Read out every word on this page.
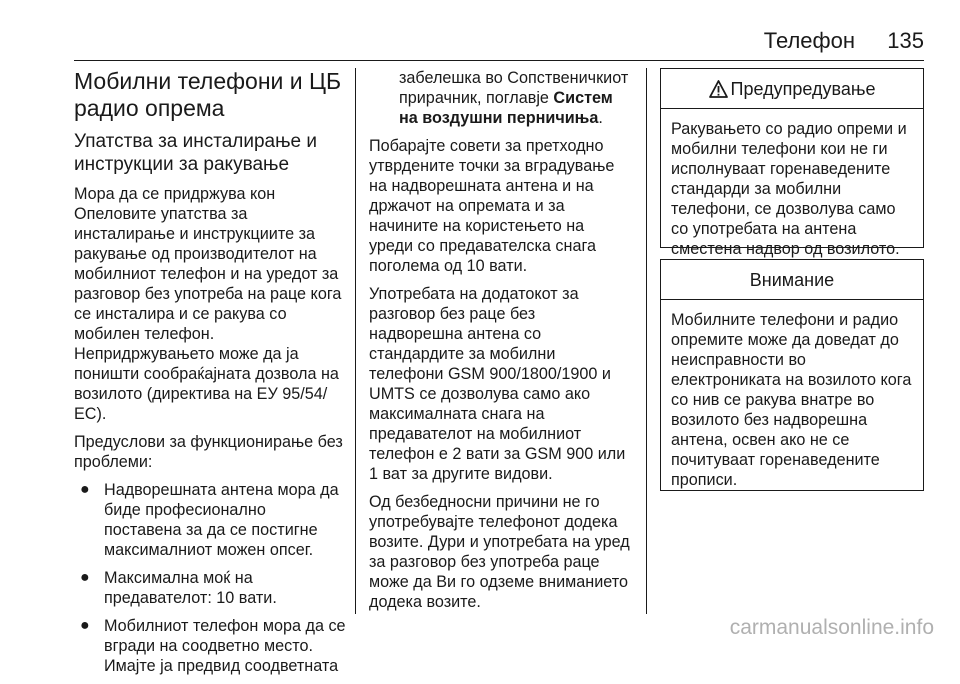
Телефон 135
Мобилни телефони и ЦБ радио опрема
Упатства за инсталирање и инструкции за ракување
Мора да се придржува кон Опеловите упатства за инсталирање и инструкциите за ракување од производителот на мобилниот телефон и на уредот за разговор без употреба на раце кога се инсталира и се ракува со мобилен телефон.
Непридржувањето може да ја поништи сообраќајната дозвола на возилото (директива на ЕУ 95/54/ЕС).
Предуслови за функционирање без проблеми:
● Надворешната антена мора да биде професионално поставена за да се постигне максималниот можен опсег.
● Максимална моќ на предавателот: 10 вати.
● Мобилниот телефон мора да се вгради на соодветно место. Имајте ја предвид соодветната
забелешка во Сопственичкиот прирачник, поглавје Систем на воздушни перничиња.
Побарајте совети за претходно утврдените точки за вградување на надворешната антена и на држачот на опремата и за начините на користењето на уреди со предавателска снага поголема од 10 вати.
Употребата на додатокот за разговор без раце без надворешна антена со стандардите за мобилни телефони GSM 900/1800/1900 и UMTS се дозволува само ако максималната снага на предавателот на мобилниот телефон е 2 вати за GSM 900 или 1 ват за другите видови.
Од безбедносни причини не го употребувајте телефонот додека возите. Дури и употребата на уред за разговор без употреба раце може да Ви го одземе вниманието додека возите.
Предупредување
Ракувањето со радио опреми и мобилни телефони кои не ги исполнуваат горенаведените стандарди за мобилни телефони, се дозволува само со употребата на антена сместена надвор од возилото.
Внимание
Мобилните телефони и радио опремите може да доведат до неисправности во електрониката на возилото кога со нив се ракува внатре во возилото без надворешна антена, освен ако не се почитуваат горенаведените прописи.
carmanualsonline.info
